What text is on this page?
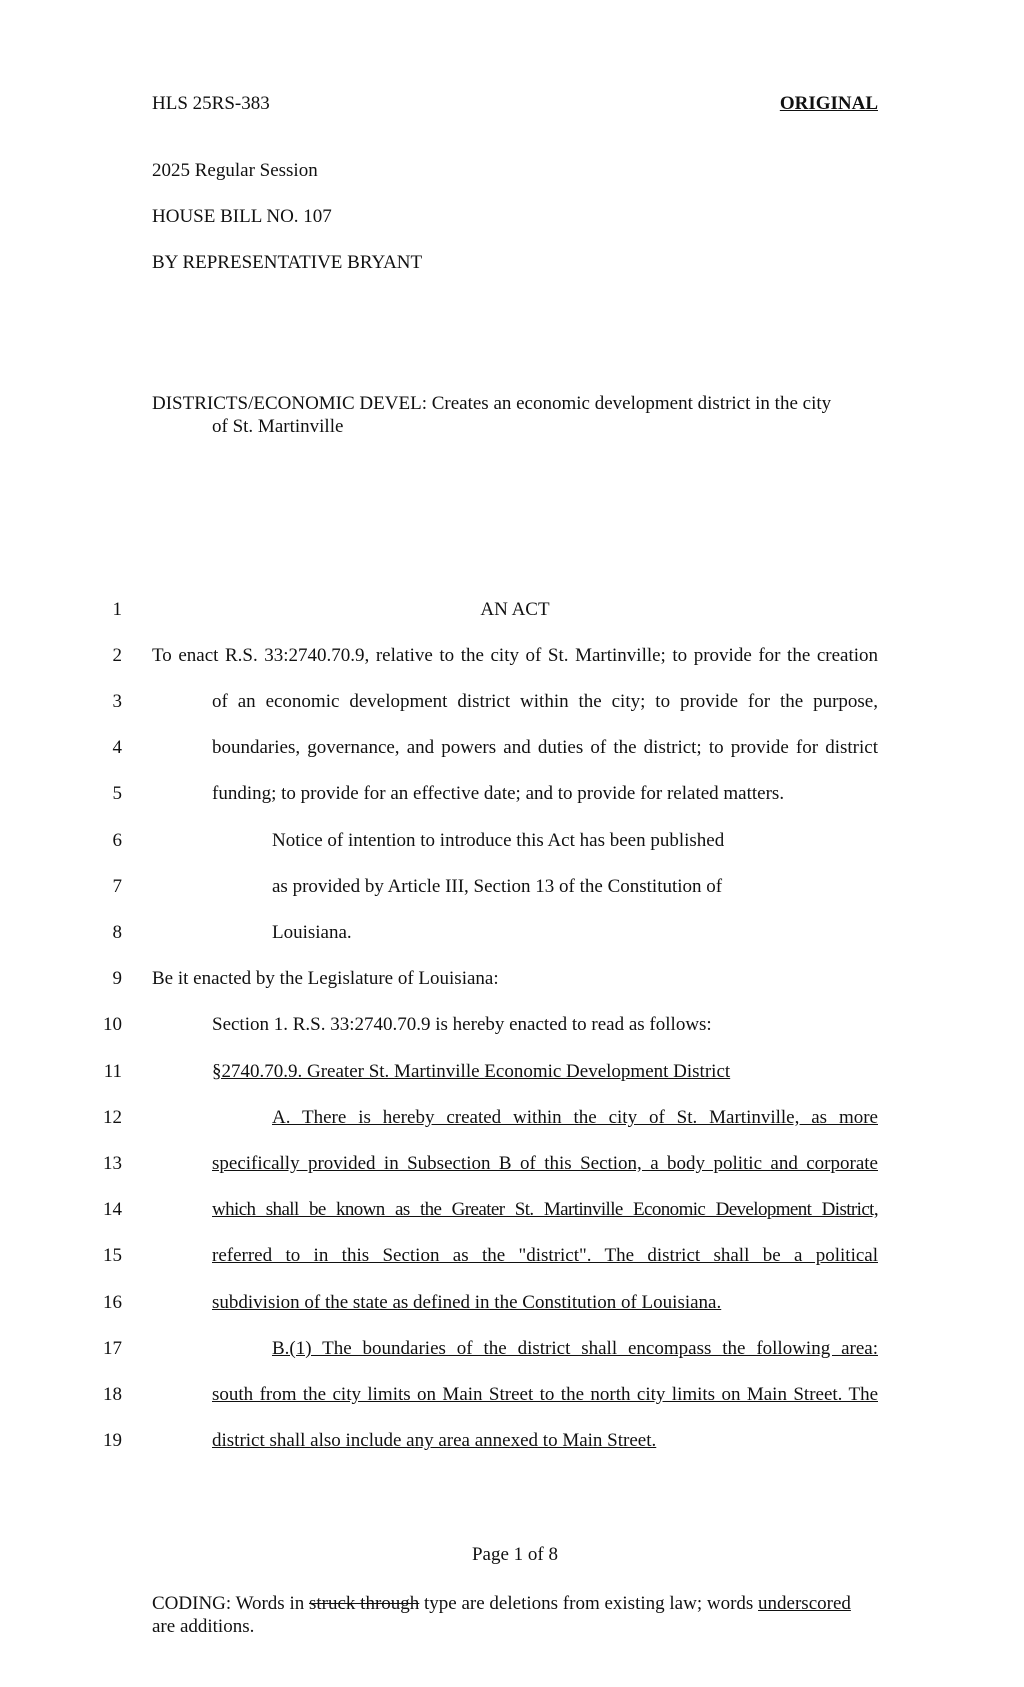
HLS 25RS-383	ORIGINAL
2025 Regular Session
HOUSE BILL NO. 107
BY REPRESENTATIVE BRYANT
DISTRICTS/ECONOMIC DEVEL: Creates an economic development district in the city
of St. Martinville
1	AN ACT
2 To enact R.S. 33:2740.70.9, relative to the city of St. Martinville; to provide for the creation
3	of an economic development district within the city; to provide for the purpose,
4	boundaries, governance, and powers and duties of the district; to provide for district
5	funding; to provide for an effective date; and to provide for related matters.
6	Notice of intention to introduce this Act has been published
7	as provided by Article III, Section 13 of the Constitution of
8	Louisiana.
9 Be it enacted by the Legislature of Louisiana:
10	Section 1. R.S. 33:2740.70.9 is hereby enacted to read as follows:
11	§2740.70.9. Greater St. Martinville Economic Development District
12	A. There is hereby created within the city of St. Martinville, as more
13	specifically provided in Subsection B of this Section, a body politic and corporate
14	which shall be known as the Greater St. Martinville Economic Development District,
15	referred to in this Section as the "district". The district shall be a political
16	subdivision of the state as defined in the Constitution of Louisiana.
17	B.(1) The boundaries of the district shall encompass the following area:
18	south from the city limits on Main Street to the north city limits on Main Street. The
19	district shall also include any area annexed to Main Street.
Page 1 of 8
CODING: Words in struck through type are deletions from existing law; words underscored are additions.
